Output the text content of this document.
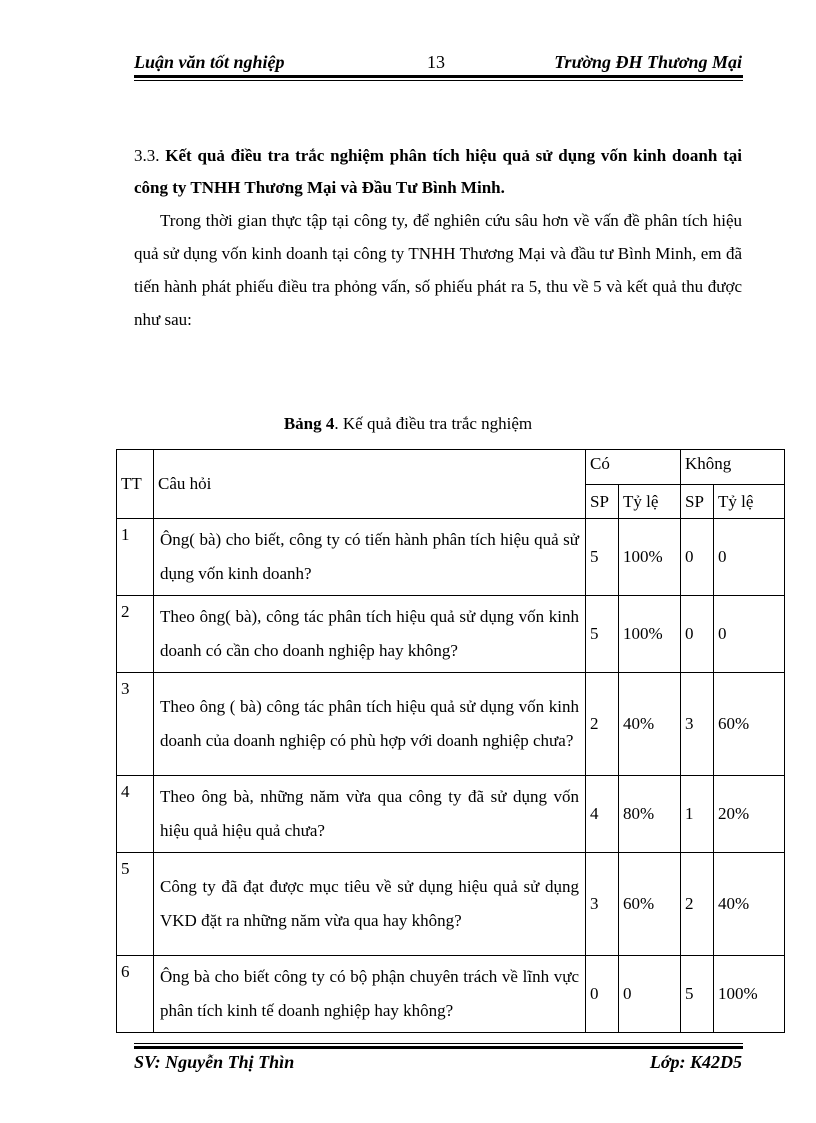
Luận văn tốt nghiệp	13	Trường ĐH Thương Mại

3.3. Kết quả điều tra trắc nghiệm phân tích hiệu quả sử dụng vốn kinh doanh tại công ty TNHH Thương Mại và Đầu Tư Bình Minh.

Trong thời gian thực tập tại công ty, để nghiên cứu sâu hơn về vấn đề phân tích hiệu quả sử dụng vốn kinh doanh tại công ty TNHH Thương Mại và đầu tư Bình Minh, em đã tiến hành phát phiếu điều tra phỏng vấn, số phiếu phát ra 5, thu về 5 và kết quả thu được như sau:

Bảng 4. Kế quả điều tra trắc nghiệm
TT	Câu hỏi	Có		Không	
		SP	Tỷ lệ	SP	Tỷ lệ
1	Ông( bà) cho biết, công ty có tiến hành phân tích hiệu quả sử dụng vốn kinh doanh?	5	100%	0	0
2	Theo ông( bà), công tác phân tích hiệu quả sử dụng vốn kinh doanh có cần cho doanh nghiệp hay không?	5	100%	0	0
3	Theo ông ( bà) công tác phân tích hiệu quả sử dụng vốn kinh doanh của doanh nghiệp có phù hợp với doanh nghiệp chưa?	2	40%	3	60%
4	Theo ông bà, những năm vừa qua công ty đã sử dụng vốn hiệu quả hiệu quả chưa?	4	80%	1	20%
5	Công ty đã đạt được mục tiêu về sử dụng hiệu quả sử dụng VKD đặt ra những năm vừa qua hay không?	3	60%	2	40%
6	Ông bà cho biết công ty có bộ phận chuyên trách về lĩnh vực phân tích kinh tế doanh nghiệp hay không?	0	0	5	100%
SV: Nguyễn Thị Thìn	Lớp: K42D5
